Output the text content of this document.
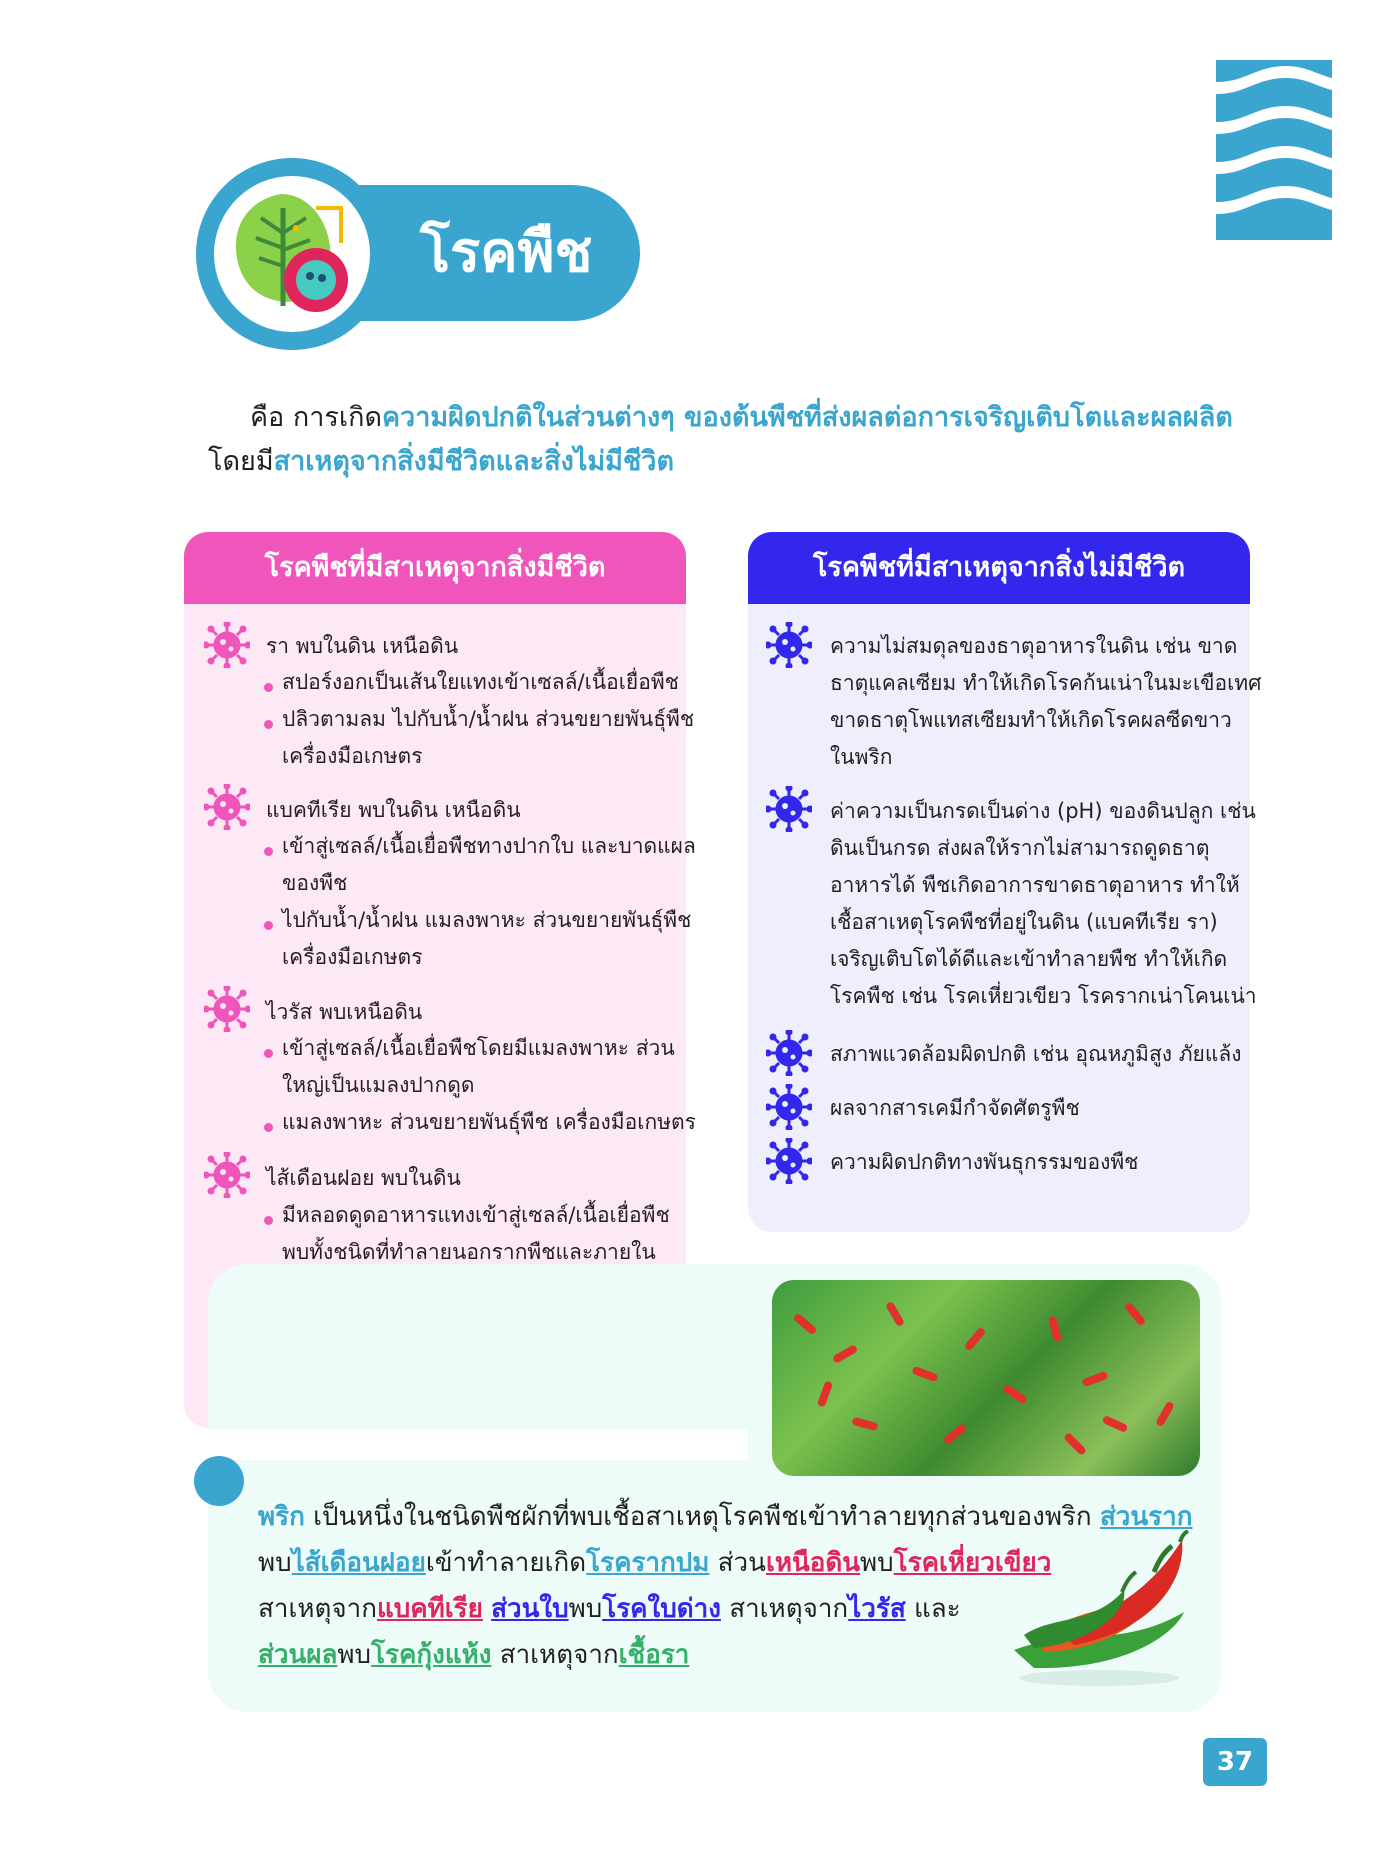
โรคพืช
คือ การเกิดความผิดปกติในส่วนต่างๆ ของต้นพืชที่ส่งผลต่อการเจริญเติบโตและผลผลิต
โดยมีสาเหตุจากสิ่งมีชีวิตและสิ่งไม่มีชีวิต
โรคพืชที่มีสาเหตุจากสิ่งมีชีวิต	โรคพืชที่มีสาเหตุจากสิ่งไม่มีชีวิต
รา พบในดิน เหนือดิน
สปอร์งอกเป็นเส้นใยแทงเข้าเซลล์/เนื้อเยื่อพืช
ปลิวตามลม ไปกับน้ำ/น้ำฝน ส่วนขยายพันธุ์พืช
เครื่องมือเกษตร
แบคทีเรีย พบในดิน เหนือดิน
เข้าสู่เซลล์/เนื้อเยื่อพืชทางปากใบ และบาดแผล
ของพืช
ไปกับน้ำ/น้ำฝน แมลงพาหะ ส่วนขยายพันธุ์พืช
เครื่องมือเกษตร
ไวรัส พบเหนือดิน
เข้าสู่เซลล์/เนื้อเยื่อพืชโดยมีแมลงพาหะ ส่วน
ใหญ่เป็นแมลงปากดูด
แมลงพาหะ ส่วนขยายพันธุ์พืช เครื่องมือเกษตร
ไส้เดือนฝอย พบในดิน
มีหลอดดูดอาหารแทงเข้าสู่เซลล์/เนื้อเยื่อพืช
พบทั้งชนิดที่ทำลายนอกรากพืชและภายใน
ความไม่สมดุลของธาตุอาหารในดิน เช่น ขาด
ธาตุแคลเซียม ทำให้เกิดโรคก้นเน่าในมะเขือเทศ
ขาดธาตุโพแทสเซียมทำให้เกิดโรคผลซีดขาว
ในพริก
ค่าความเป็นกรดเป็นด่าง (pH) ของดินปลูก เช่น
ดินเป็นกรด ส่งผลให้รากไม่สามารถดูดธาตุ
อาหารได้ พืชเกิดอาการขาดธาตุอาหาร ทำให้
เชื้อสาเหตุโรคพืชที่อยู่ในดิน (แบคทีเรีย รา)
เจริญเติบโตได้ดีและเข้าทำลายพืช ทำให้เกิด
โรคพืช เช่น โรคเหี่ยวเขียว โรครากเน่าโคนเน่า
สภาพแวดล้อมผิดปกติ เช่น อุณหภูมิสูง ภัยแล้ง
ผลจากสารเคมีกำจัดศัตรูพืช
ความผิดปกติทางพันธุกรรมของพืช
พริก เป็นหนึ่งในชนิดพืชผักที่พบเชื้อสาเหตุโรคพืชเข้าทำลายทุกส่วนของพริก ส่วนราก
พบไส้เดือนฝอยเข้าทำลายเกิดโรครากปม ส่วนเหนือดินพบโรคเหี่ยวเขียว
สาเหตุจากแบคทีเรีย ส่วนใบพบโรคใบด่าง สาเหตุจากไวรัส และ
ส่วนผลพบโรคกุ้งแห้ง สาเหตุจากเชื้อรา
37
